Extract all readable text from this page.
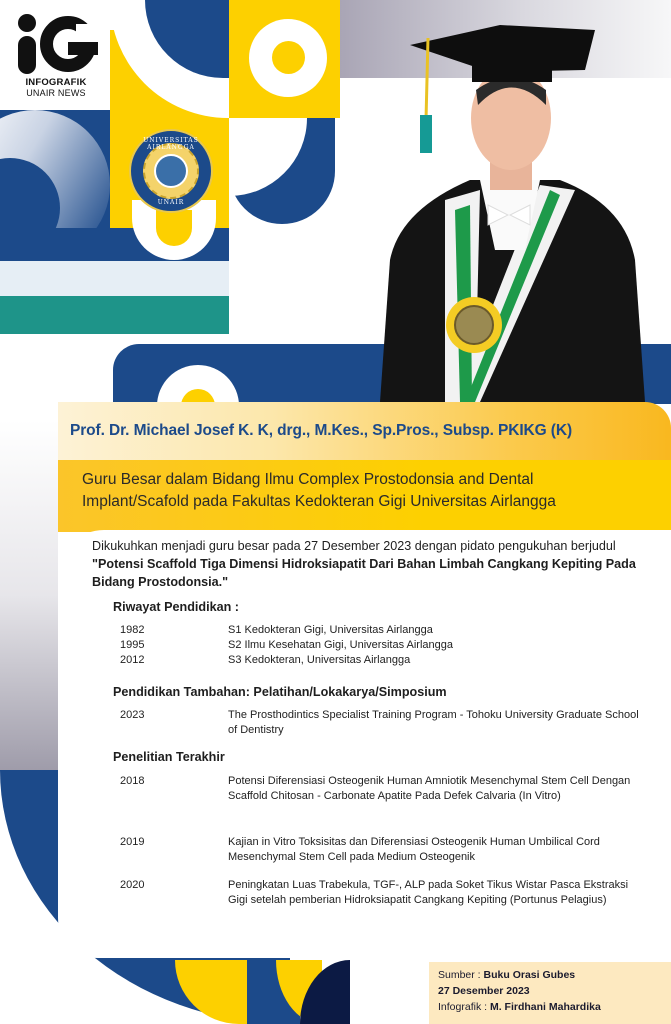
INFOGRAFIK
UNAIR NEWS
UNIVERSITAS AIRLANGGA
UNAIR
Prof. Dr. Michael Josef K. K, drg., M.Kes., Sp.Pros., Subsp. PKIKG (K)
Guru Besar dalam Bidang Ilmu Complex Prostodonsia and Dental
Implant/Scafold pada Fakultas Kedokteran Gigi Universitas Airlangga
Dikukuhkan menjadi guru besar pada 27 Desember 2023 dengan pidato pengukuhan berjudul "Potensi Scaffold Tiga Dimensi Hidroksiapatit Dari Bahan Limbah Cangkang Kepiting Pada Bidang Prostodonsia."
Riwayat Pendidikan :
1982	S1 Kedokteran Gigi, Universitas Airlangga
1995	S2 Ilmu Kesehatan Gigi, Universitas Airlangga
2012	S3 Kedokteran, Universitas Airlangga
Pendidikan Tambahan: Pelatihan/Lokakarya/Simposium
2023	The Prosthodintics Specialist Training Program - Tohoku University Graduate School of Dentistry
Penelitian Terakhir
2018	Potensi Diferensiasi Osteogenik Human Amniotik Mesenchymal Stem Cell Dengan Scaffold Chitosan - Carbonate Apatite Pada Defek Calvaria (In Vitro)
2019	Kajian in Vitro Toksisitas dan Diferensiasi Osteogenik Human Umbilical Cord Mesenchymal Stem Cell pada Medium Osteogenik
2020	Peningkatan Luas Trabekula, TGF-, ALP pada Soket Tikus Wistar Pasca Ekstraksi Gigi setelah pemberian Hidroksiapatit Cangkang Kepiting (Portunus Pelagius)
Sumber : Buku Orasi Gubes
27 Desember 2023
Infografik : M. Firdhani Mahardika
